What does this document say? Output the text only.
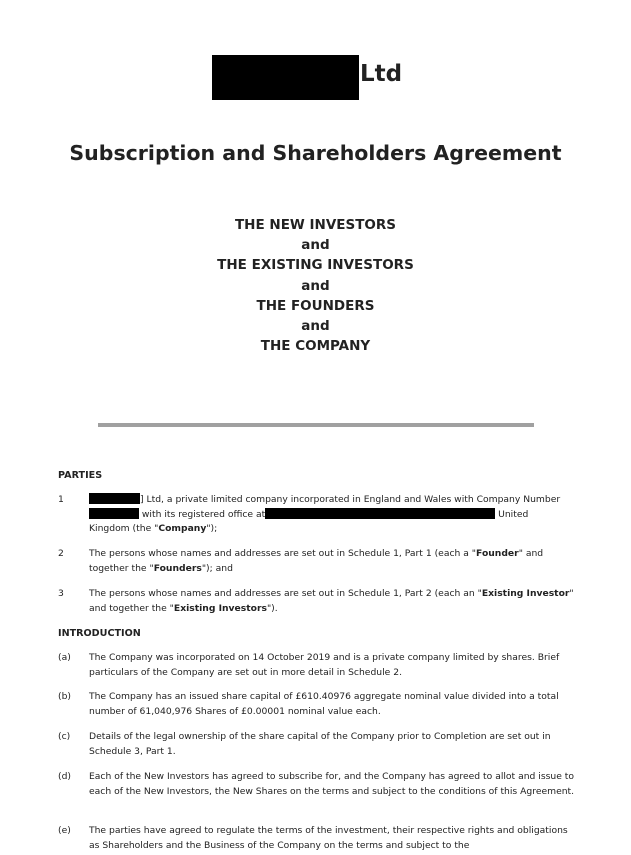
Ltd
Subscription and Shareholders Agreement
THE NEW INVESTORS
and
THE EXISTING INVESTORS
and
THE FOUNDERS
and
THE COMPANY
PARTIES
1	] Ltd, a private limited company incorporated in England and Wales with Company Number
with its registered office at	United
Kingdom (the "Company");
2	The persons whose names and addresses are set out in Schedule 1, Part 1 (each a "Founder" and together the "Founders"); and
3	The persons whose names and addresses are set out in Schedule 1, Part 2 (each an "Existing Investor" and together the "Existing Investors").
INTRODUCTION
(a) The Company was incorporated on 14 October 2019 and is a private company limited by shares. Brief particulars of the Company are set out in more detail in Schedule 2.
(b) The Company has an issued share capital of £610.40976 aggregate nominal value divided into a total number of 61,040,976 Shares of £0.00001 nominal value each.
(c) Details of the legal ownership of the share capital of the Company prior to Completion are set out in Schedule 3, Part 1.
(d) Each of the New Investors has agreed to subscribe for, and the Company has agreed to allot and issue to each of the New Investors, the New Shares on the terms and subject to the conditions of this Agreement.
(e) The parties have agreed to regulate the terms of the investment, their respective rights and obligations as Shareholders and the Business of the Company on the terms and subject to the
